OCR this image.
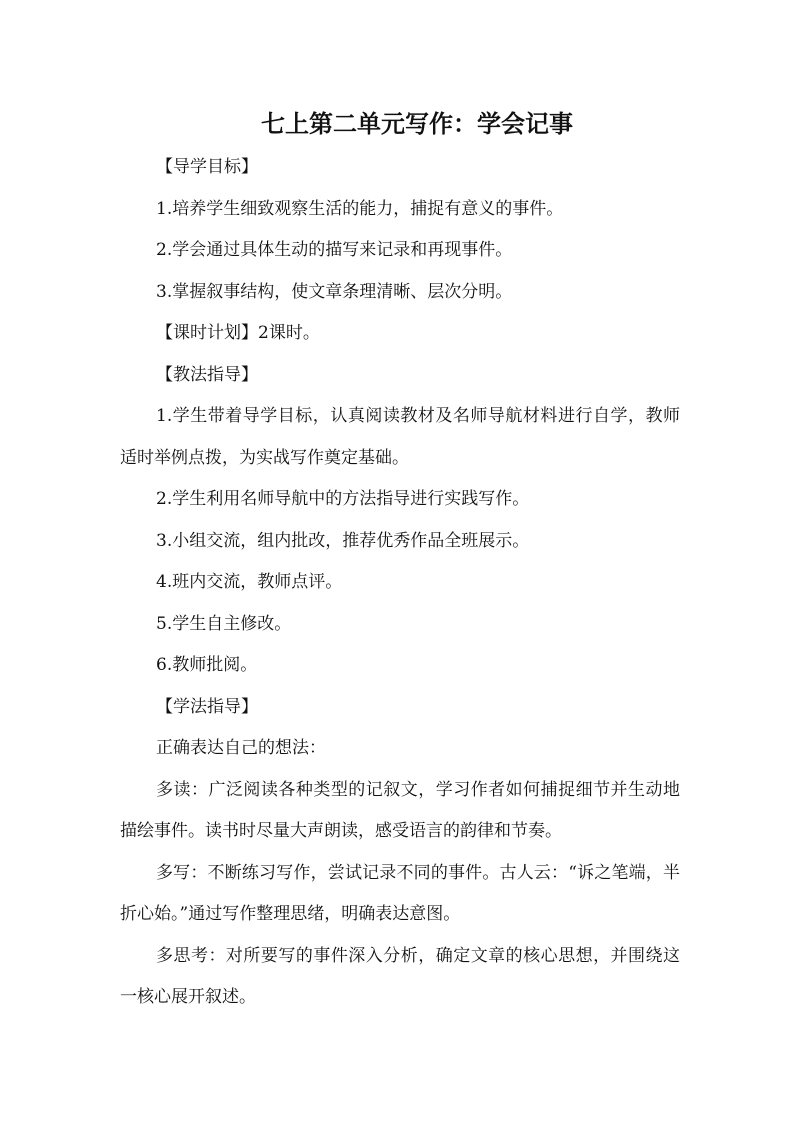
七上第二单元写作：学会记事

【导学目标】

1.培养学生细致观察生活的能力，捕捉有意义的事件。

2.学会通过具体生动的描写来记录和再现事件。

3.掌握叙事结构，使文章条理清晰、层次分明。

【课时计划】2课时。

【教法指导】

1.学生带着导学目标，认真阅读教材及名师导航材料进行自学，教师适时举例点拨，为实战写作奠定基础。

2.学生利用名师导航中的方法指导进行实践写作。

3.小组交流，组内批改，推荐优秀作品全班展示。

4.班内交流，教师点评。

5.学生自主修改。

6.教师批阅。

【学法指导】

正确表达自己的想法：

多读：广泛阅读各种类型的记叙文，学习作者如何捕捉细节并生动地描绘事件。读书时尽量大声朗读，感受语言的韵律和节奏。

多写：不断练习写作，尝试记录不同的事件。古人云：“诉之笔端，半折心始。”通过写作整理思绪，明确表达意图。

多思考：对所要写的事件深入分析，确定文章的核心思想，并围绕这一核心展开叙述。
